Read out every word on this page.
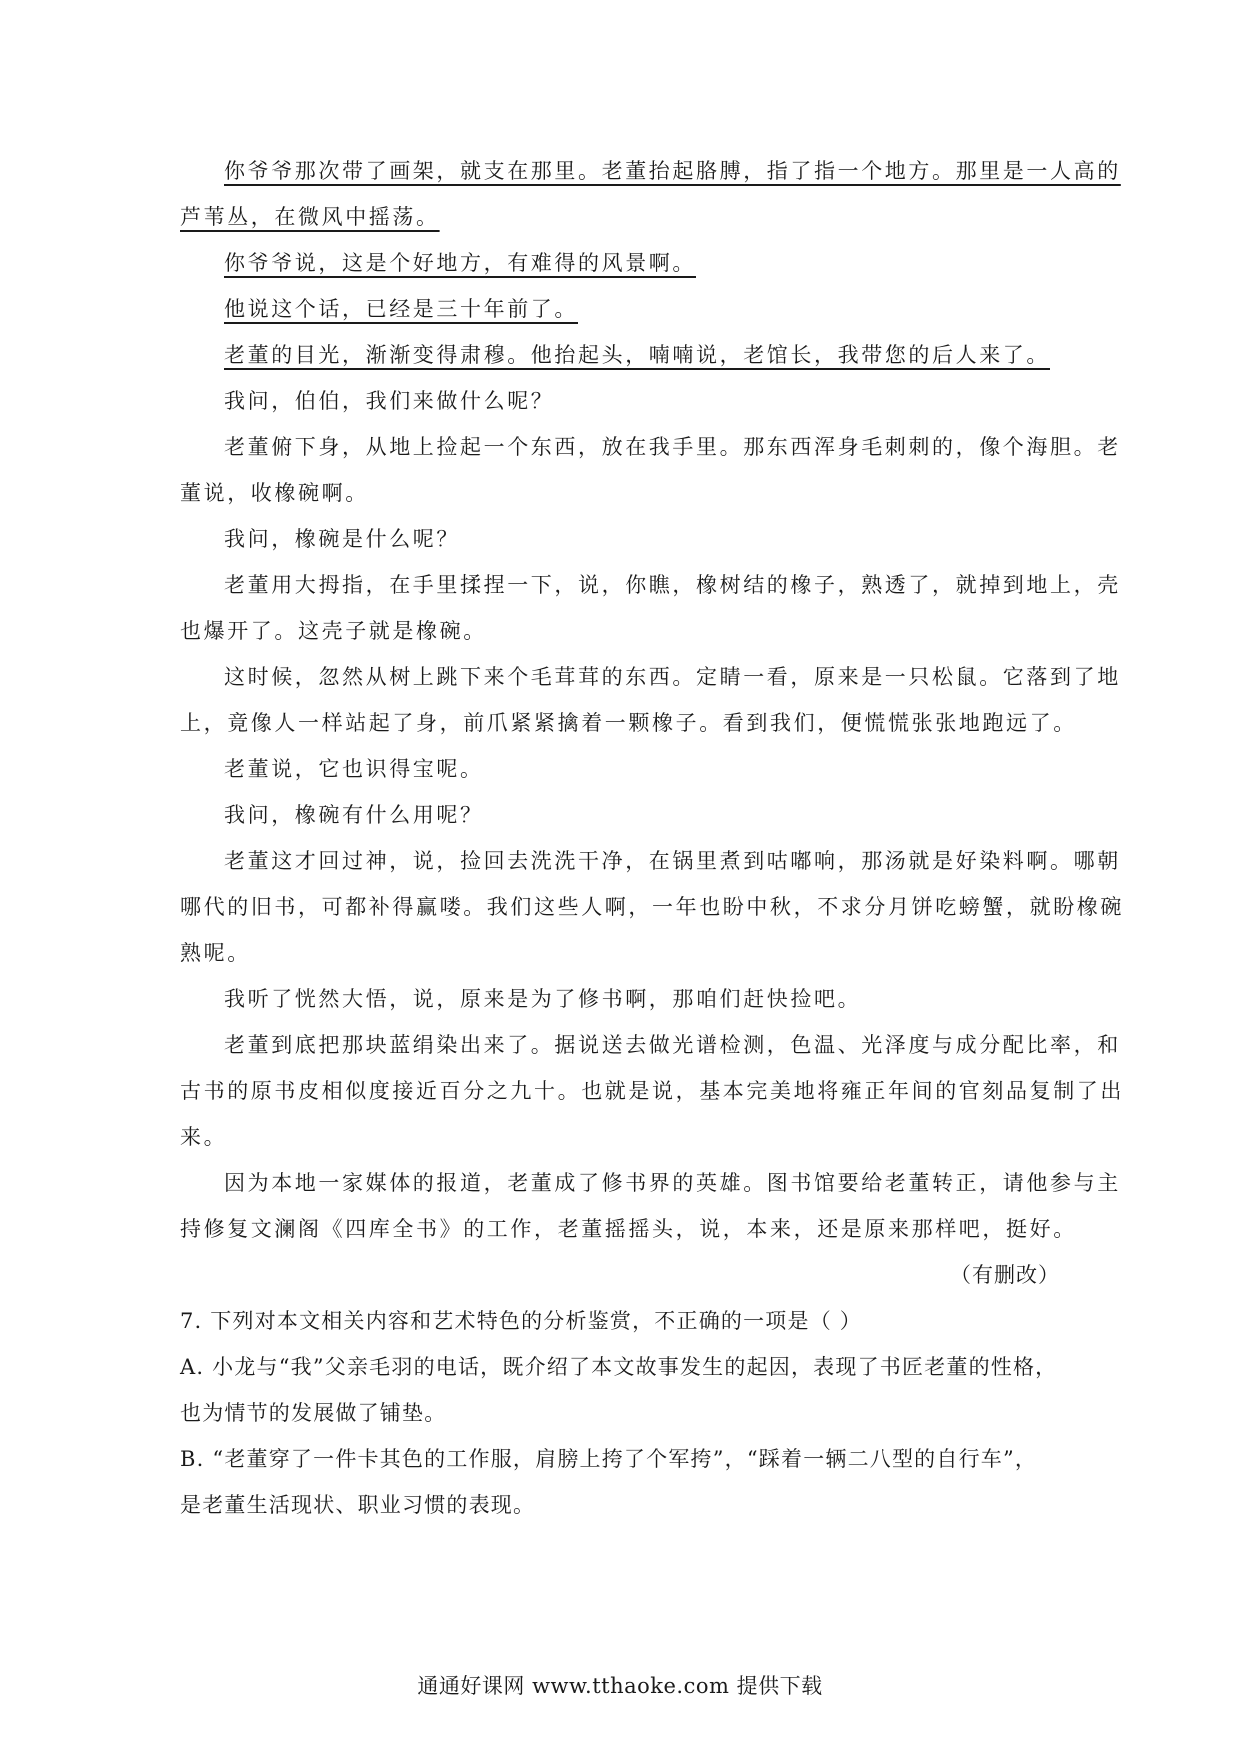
你爷爷那次带了画架，就支在那里。老董抬起胳膊，指了指一个地方。那里是一人高的
芦苇丛，在微风中摇荡。
你爷爷说，这是个好地方，有难得的风景啊。
他说这个话，已经是三十年前了。
老董的目光，渐渐变得肃穆。他抬起头，喃喃说，老馆长，我带您的后人来了。
我问，伯伯，我们来做什么呢？
老董俯下身，从地上捡起一个东西，放在我手里。那东西浑身毛刺刺的，像个海胆。老
董说，收橡碗啊。
我问，橡碗是什么呢？
老董用大拇指，在手里揉捏一下，说，你瞧，橡树结的橡子，熟透了，就掉到地上，壳
也爆开了。这壳子就是橡碗。
这时候，忽然从树上跳下来个毛茸茸的东西。定睛一看，原来是一只松鼠。它落到了地
上，竟像人一样站起了身，前爪紧紧擒着一颗橡子。看到我们，便慌慌张张地跑远了。
老董说，它也识得宝呢。
我问，橡碗有什么用呢？
老董这才回过神，说，捡回去洗洗干净，在锅里煮到咕嘟响，那汤就是好染料啊。哪朝
哪代的旧书，可都补得赢喽。我们这些人啊，一年也盼中秋，不求分月饼吃螃蟹，就盼橡碗
熟呢。
我听了恍然大悟，说，原来是为了修书啊，那咱们赶快捡吧。
老董到底把那块蓝绢染出来了。据说送去做光谱检测，色温、光泽度与成分配比率，和
古书的原书皮相似度接近百分之九十。也就是说，基本完美地将雍正年间的官刻品复制了出
来。
因为本地一家媒体的报道，老董成了修书界的英雄。图书馆要给老董转正，请他参与主
持修复文澜阁《四库全书》的工作，老董摇摇头，说，本来，还是原来那样吧，挺好。
（有删改）
7. 下列对本文相关内容和艺术特色的分析鉴赏，不正确的一项是（ ）
A. 小龙与“我”父亲毛羽的电话，既介绍了本文故事发生的起因，表现了书匠老董的性格，
也为情节的发展做了铺垫。
B. “老董穿了一件卡其色的工作服，肩膀上挎了个军挎”，“踩着一辆二八型的自行车”，
是老董生活现状、职业习惯的表现。
通通好课网 www.tthaoke.com 提供下载
